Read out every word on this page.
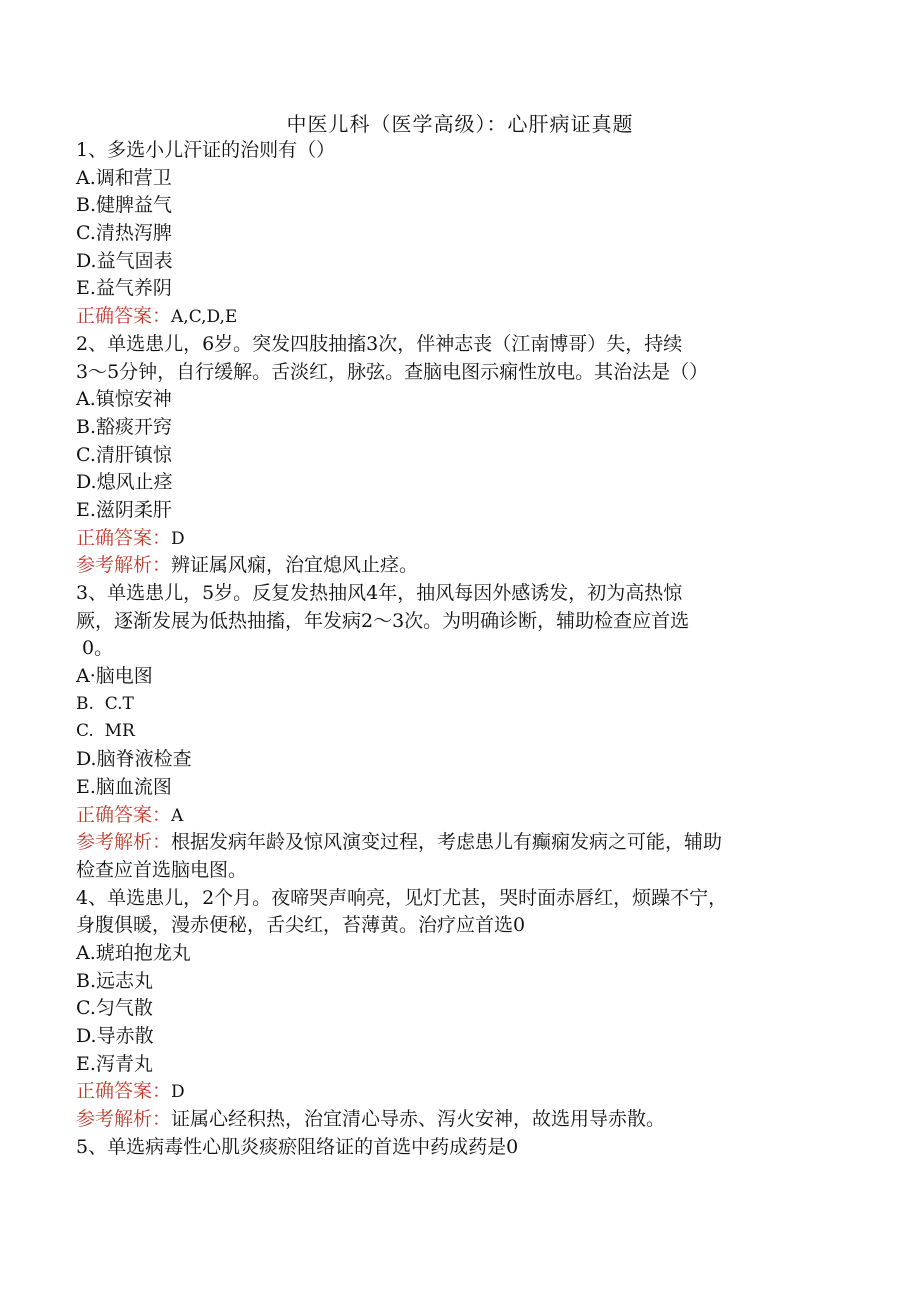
中医儿科（医学高级）：心肝病证真题
1、多选小儿汗证的治则有（）
A.调和营卫
B.健脾益气
C.清热泻脾
D.益气固表
E.益气养阴
正确答案：A,C,D,E
2、单选患儿，6岁。突发四肢抽搐3次，伴神志丧（江南博哥）失，持续
3～5分钟，自行缓解。舌淡红，脉弦。查脑电图示痫性放电。其治法是（）
A.镇惊安神
B.豁痰开窍
C.清肝镇惊
D.熄风止痉
E.滋阴柔肝
正确答案：D
参考解析：辨证属风痫，治宜熄风止痉。
3、单选患儿，5岁。反复发热抽风4年，抽风每因外感诱发，初为高热惊
厥，逐渐发展为低热抽搐，年发病2～3次。为明确诊断，辅助检查应首选
0。
A·脑电图
B.  C.T
C.  MR
D.脑脊液检查
E.脑血流图
正确答案：A
参考解析：根据发病年龄及惊风演变过程，考虑患儿有癫痫发病之可能，辅助
检查应首选脑电图。
4、单选患儿，2个月。夜啼哭声响亮，见灯尤甚，哭时面赤唇红，烦躁不宁，
身腹俱暖，漫赤便秘，舌尖红，苔薄黄。治疗应首选0
A.琥珀抱龙丸
B.远志丸
C.匀气散
D.导赤散
E.泻青丸
正确答案：D
参考解析：证属心经积热，治宜清心导赤、泻火安神，故选用导赤散。
5、单选病毒性心肌炎痰瘀阻络证的首选中药成药是0
